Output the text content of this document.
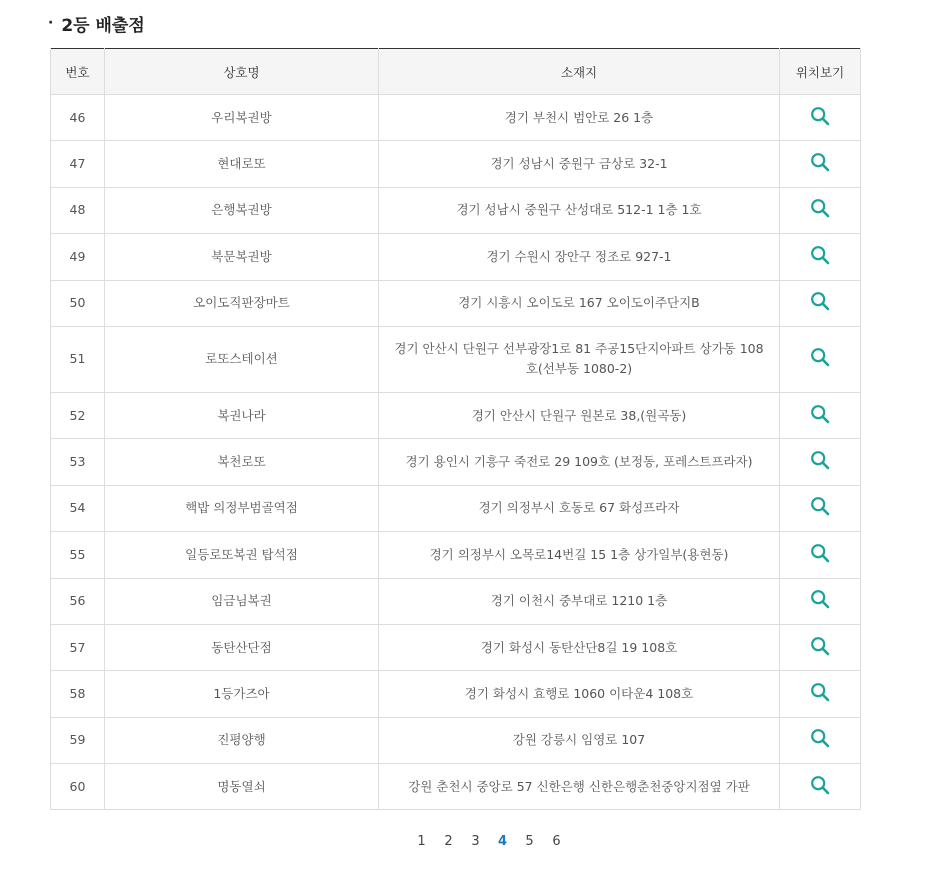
· 2등 배출점
번호	상호명	소재지	위치보기
46	우리복권방	경기 부천시 범안로 26 1층	

47	현대로또	경기 성남시 중원구 금상로 32-1	

48	은행복권방	경기 성남시 중원구 산성대로 512-1 1층 1호	

49	북문복권방	경기 수원시 장안구 정조로 927-1	

50	오이도직판장마트	경기 시흥시 오이도로 167 오이도이주단지B	

51	로또스테이션	경기 안산시 단원구 선부광장1로 81 주공15단지아파트 상가동 108호(선부동 1080-2)	

52	복권나라	경기 안산시 단원구 원본로 38,(원곡동)	

53	복천로또	경기 용인시 기흥구 죽전로 29 109호 (보정동, 포레스트프라자)	

54	핵밥 의정부범골역점	경기 의정부시 호동로 67 화성프라자	

55	일등로또복권 탑석점	경기 의정부시 오목로14번길 15 1층 상가일부(용현동)	

56	임금님복권	경기 이천시 중부대로 1210 1층	

57	동탄산단점	경기 화성시 동탄산단8길 19 108호	

58	1등가즈아	경기 화성시 효행로 1060 이타운4 108호	

59	진평양행	강원 강릉시 임영로 107	

60	명동열쇠	강원 춘천시 중앙로 57 신한은행 신한은행춘천중앙지점옆 가판	
1	2	3	4	5	6
